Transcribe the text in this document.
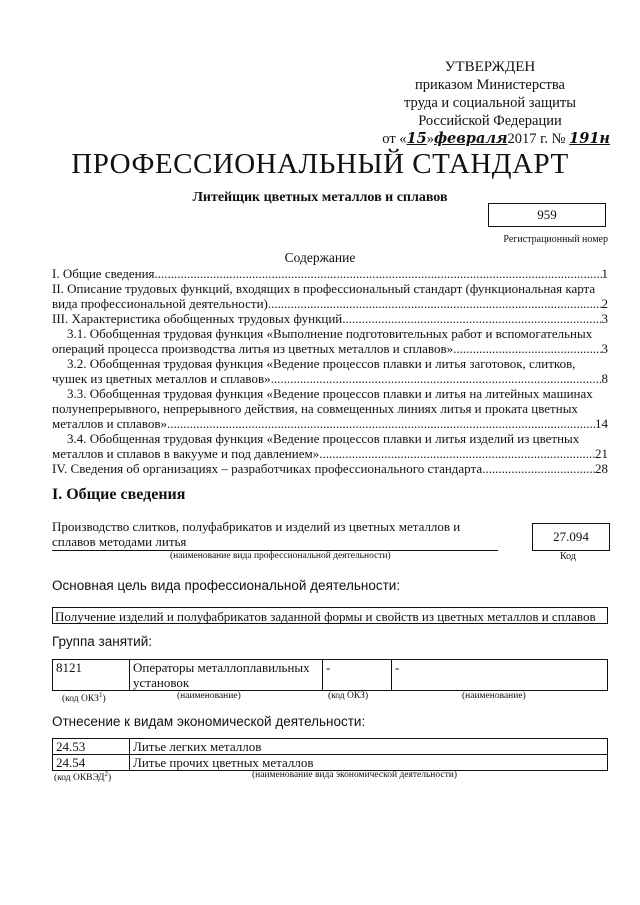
УТВЕРЖДЕН
приказом Министерства
труда и социальной защиты
Российской Федерации
от «15»февраля2017 г. № 191н
ПРОФЕССИОНАЛЬНЫЙ СТАНДАРТ
Литейщик цветных металлов и сплавов
959
Регистрационный номер
Содержание
I. Общие сведения .....	1
II. Описание трудовых функций, входящих в профессиональный стандарт (функциональная карта
вида профессиональной деятельности) .....	2
III. Характеристика обобщенных трудовых функций .....	3
3.1. Обобщенная трудовая функция «Выполнение подготовительных работ и вспомогательных
операций процесса производства литья из цветных металлов и сплавов» .....	3
3.2. Обобщенная трудовая функция «Ведение процессов плавки и литья заготовок, слитков,
чушек из цветных металлов и сплавов» .....	8
3.3. Обобщенная трудовая функция «Ведение процессов плавки и литья на литейных машинах
полунепрерывного, непрерывного действия, на совмещенных линиях литья и проката цветных
металлов и сплавов» .....	14
3.4. Обобщенная трудовая функция «Ведение процессов плавки и литья изделий из цветных
металлов и сплавов в вакууме и под давлением» .....	21
IV. Сведения об организациях – разработчиках профессионального стандарта .....	28
I. Общие сведения
Производство слитков, полуфабрикатов и изделий из цветных металлов и
сплавов методами литья	27.094
(наименование вида профессиональной деятельности)	Код
Основная цель вида профессиональной деятельности:
Получение изделий и полуфабрикатов заданной формы и свойств из цветных металлов и сплавов
Группа занятий:
8121	Операторы металлоплавильных установок	-	-
(код ОКЗ$^1$)	(наименование)	(код ОКЗ)	(наименование)
Отнесение к видам экономической деятельности:
24.53	Литье легких металлов
24.54	Литье прочих цветных металлов
(код ОКВЭД$^2$)	(наименование вида экономической деятельности)
